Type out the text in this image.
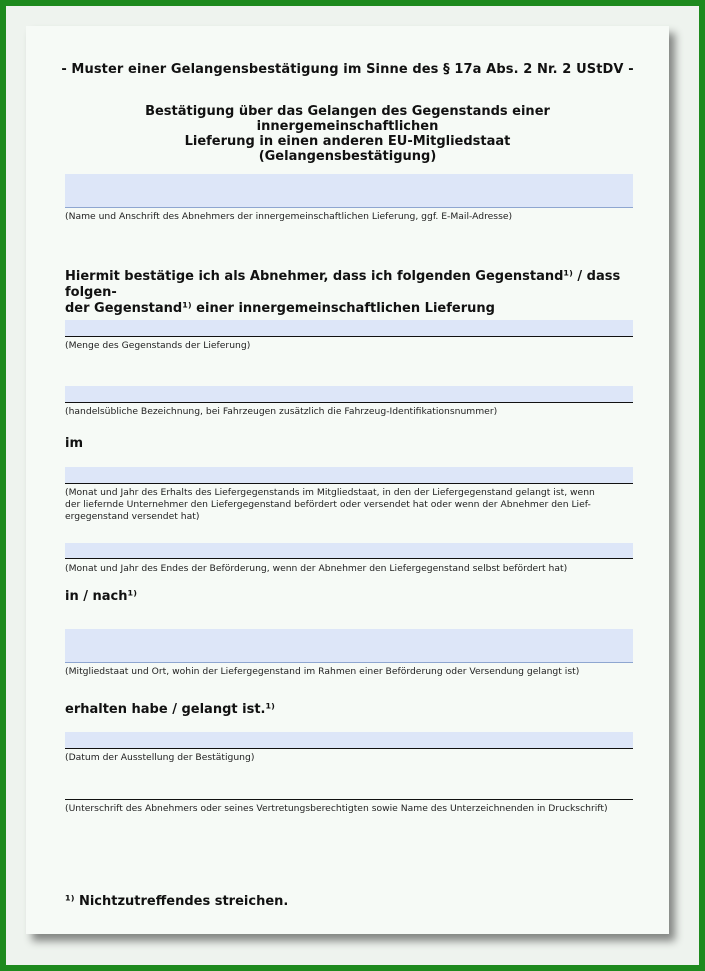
- Muster einer Gelangensbestätigung im Sinne des § 17a Abs. 2 Nr. 2 UStDV -
Bestätigung über das Gelangen des Gegenstands einer innergemeinschaftlichen
Lieferung in einen anderen EU-Mitgliedstaat
(Gelangensbestätigung)
(Name und Anschrift des Abnehmers der innergemeinschaftlichen Lieferung, ggf. E-Mail-Adresse)
Hiermit bestätige ich als Abnehmer, dass ich folgenden Gegenstand¹⁾ / dass folgen-
der Gegenstand¹⁾ einer innergemeinschaftlichen Lieferung
(Menge des Gegenstands der Lieferung)
(handelsübliche Bezeichnung, bei Fahrzeugen zusätzlich die Fahrzeug-Identifikationsnummer)
im
(Monat und Jahr des Erhalts des Liefergegenstands im Mitgliedstaat, in den der Liefergegenstand gelangt ist, wenn
der liefernde Unternehmer den Liefergegenstand befördert oder versendet hat oder wenn der Abnehmer den Lief-
ergegenstand versendet hat)
(Monat und Jahr des Endes der Beförderung, wenn der Abnehmer den Liefergegenstand selbst befördert hat)
in / nach¹⁾
(Mitgliedstaat und Ort, wohin der Liefergegenstand im Rahmen einer Beförderung oder Versendung gelangt ist)
erhalten habe / gelangt ist.¹⁾
(Datum der Ausstellung der Bestätigung)
(Unterschrift des Abnehmers oder seines Vertretungsberechtigten sowie Name des Unterzeichnenden in Druckschrift)
¹⁾ Nichtzutreffendes streichen.
